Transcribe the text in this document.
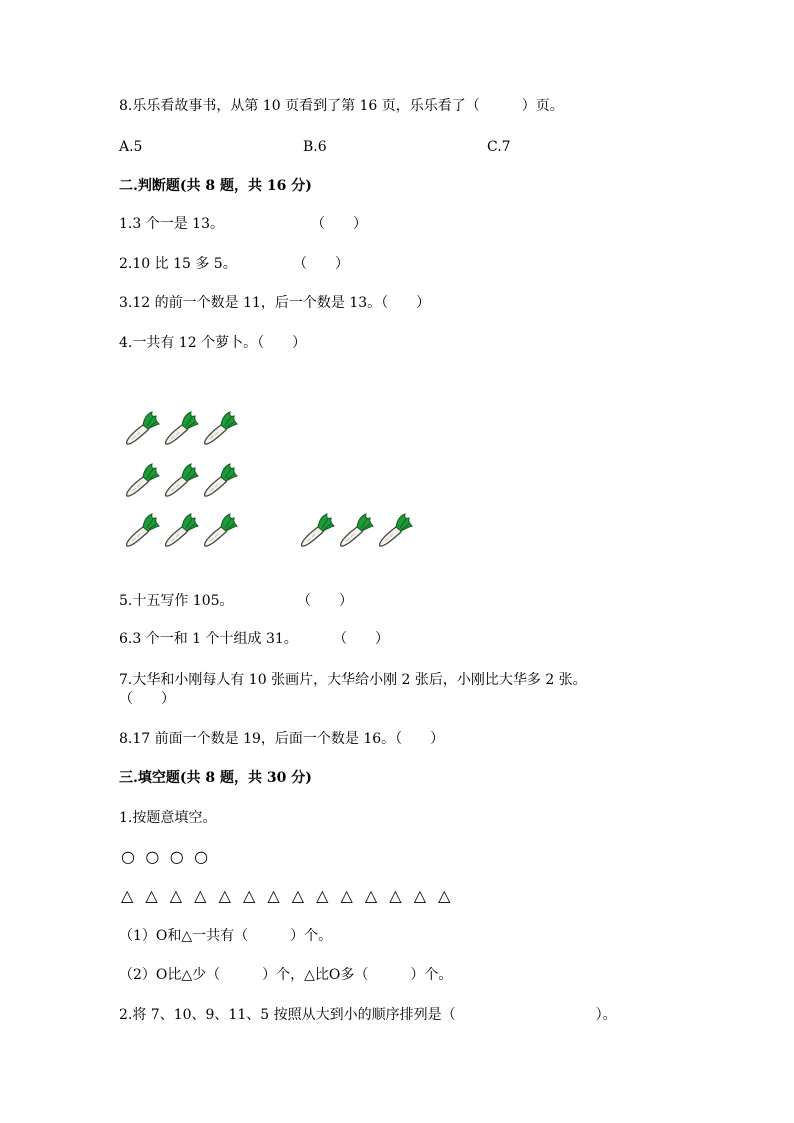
8.乐乐看故事书，从第 10 页看到了第 16 页，乐乐看了（　　　）页。
A.5	B.6	C.7
二.判断题(共 8 题，共 16 分)
1.3 个一是 13。	（　　）
2.10 比 15 多 5。	（　　）
3.12 的前一个数是 11，后一个数是 13。（　　）
4.一共有 12 个萝卜。（　　）
5.十五写作 105。	（　　）
6.3 个一和 1 个十组成 31。	（　　）
7.大华和小刚每人有 10 张画片，大华给小刚 2 张后，小刚比大华多 2 张。
（　　）
8.17 前面一个数是 19，后面一个数是 16。（　　）
三.填空题(共 8 题，共 30 分)
1.按题意填空。
○ ○ ○ ○
△ △ △ △ △ △ △ △ △ △ △ △ △ △
（1）O和△一共有（　　　）个。
（2）O比△少（　　　）个，△比O多（　　　）个。
2.将 7、10、9、11、5 按照从大到小的顺序排列是（　　　　　　　　　　）。
